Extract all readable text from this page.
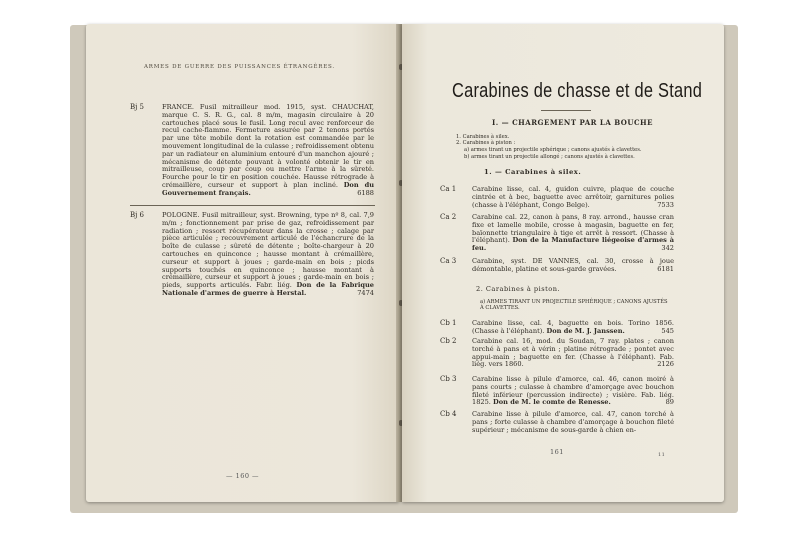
ARMES DE GUERRE DES PUISSANCES ÉTRANGÈRES.
Bj 5	FRANCE. Fusil mitrailleur mod. 1915, syst. CHAUCHAT, marque C. S. R. G., cal. 8 m/m, magasin circulaire à 20 cartouches placé sous le fusil. Long recul avec renforceur de recul cache-flamme. Fermeture assurée par 2 tenons portés par une tête mobile dont la rotation est commandée par le mouvement longitudinal de la culasse ; refroidissement obtenu par un radiateur en aluminium entouré d'un manchon ajouré ; mécanisme de détente pouvant à volonté obtenir le tir en mitrailleuse, coup par coup ou mettre l'arme à la sûreté. Fourche pour le tir en position couchée. Hausse rétrograde à crémaillère, curseur et support à plan incliné. Don du Gouvernement français.	6188
Bj 6	POLOGNE. Fusil mitrailleur, syst. Browning, type nº 8, cal. 7,9 m/m ; fonctionnement par prise de gaz, refroidissement par radiation ; ressort récupérateur dans la crosse ; calage par pièce articulée ; recouvrement articulé de l'échancrure de la boîte de culasse ; sûreté de détente ; boîte-chargeur à 20 cartouches en quinconce ; hausse montant à crémaillère, curseur et support à joues ; garde-main en bois ; picds supports touchés en quinconce ; hausse montant à crémaillère, curseur et support à joues ; garde-main en bois ; pieds, supports articulés. Fabr. liég. Don de la Fabrique Nationale d'armes de guerre à Herstal.	7474
— 160 —
Carabines de chasse et de Stand
I. — CHARGEMENT PAR LA BOUCHE
1. Carabines à silex.
2. Carabines à piston :
a) armes tirant un projectile sphérique ; canons ajustés à clavettes.
b) armes tirant un projectile allongé ; canons ajustés à clavettes.
1. — Carabines à silex.
Ca 1	Carabine lisse, cal. 4, guidon cuivre, plaque de couche cintrée et à bec, baguette avec arrêtoir, garnitures polies (chasse à l'éléphant, Congo Belge).	7533
Ca 2	Carabine cal. 22, canon à pans, 8 ray. arrond., hausse cran fixe et lamelle mobile, crosse à magasin, baguette en fer, baïonnette triangulaire à tige et arrêt à ressort. (Chasse à l'éléphant). Don de la Manufacture liégeoise d'armes à feu.	342
Ca 3	Carabine, syst. DE VANNES, cal. 30, crosse à joue démontable, platine et sous-garde gravées.	6181
2. Carabines à piston.
a) ARMES TIRANT UN PROJECTILE SPHÉRIQUE ; CANONS AJUSTÉS À CLAVETTES.
Cb 1	Carabine lisse, cal. 4, baguette en bois. Torino 1856. (Chasse à l'éléphant). Don de M. J. Janssen.	545
Cb 2	Carabine cal. 16, mod. du Soudan, 7 ray. plates ; canon torché à pans et à vérin ; platine rétrograde ; pontet avec appui-main ; baguette en fer. (Chasse à l'éléphant). Fab. liég. vers 1860.	2126
Cb 3	Carabine lisse à pilule d'amorce, cal. 46, canon moiré à pans courts ; culasse à chambre d'amorçage avec bouchon fileté inférieur (percussion indirecte) ; visière. Fab. liég. 1825. Don de M. le comte de Renesse.	89
Cb 4	Carabine lisse à pilule d'amorce, cal. 47, canon torché à pans ; forte culasse à chambre d'amorçage à bouchon fileté supérieur ; mécanisme de sous-garde à chien en-
161	11
